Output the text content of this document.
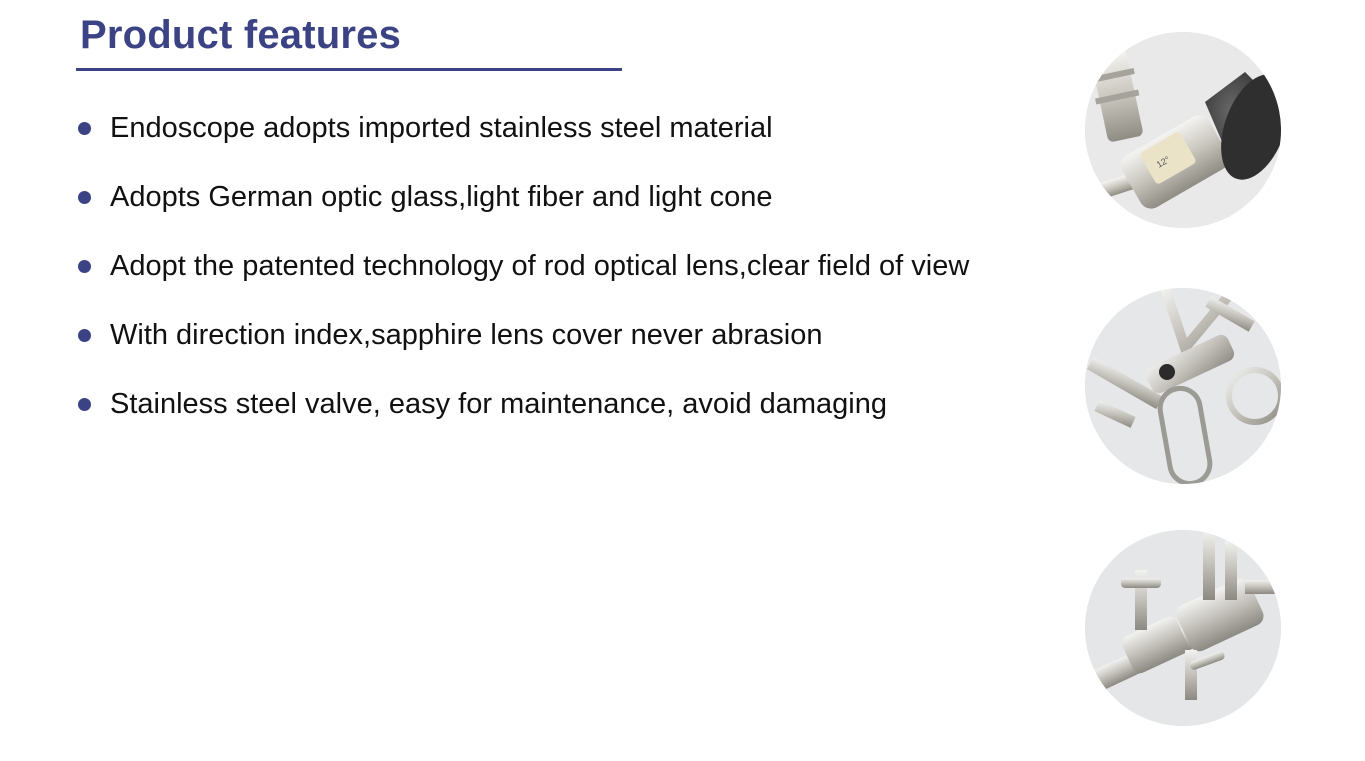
Product features
Endoscope adopts imported stainless steel material
Adopts German optic glass,light fiber and light cone
Adopt the patented technology of rod optical lens,clear field of view
With direction index,sapphire lens cover never abrasion
Stainless steel valve, easy for maintenance, avoid damaging
12°
